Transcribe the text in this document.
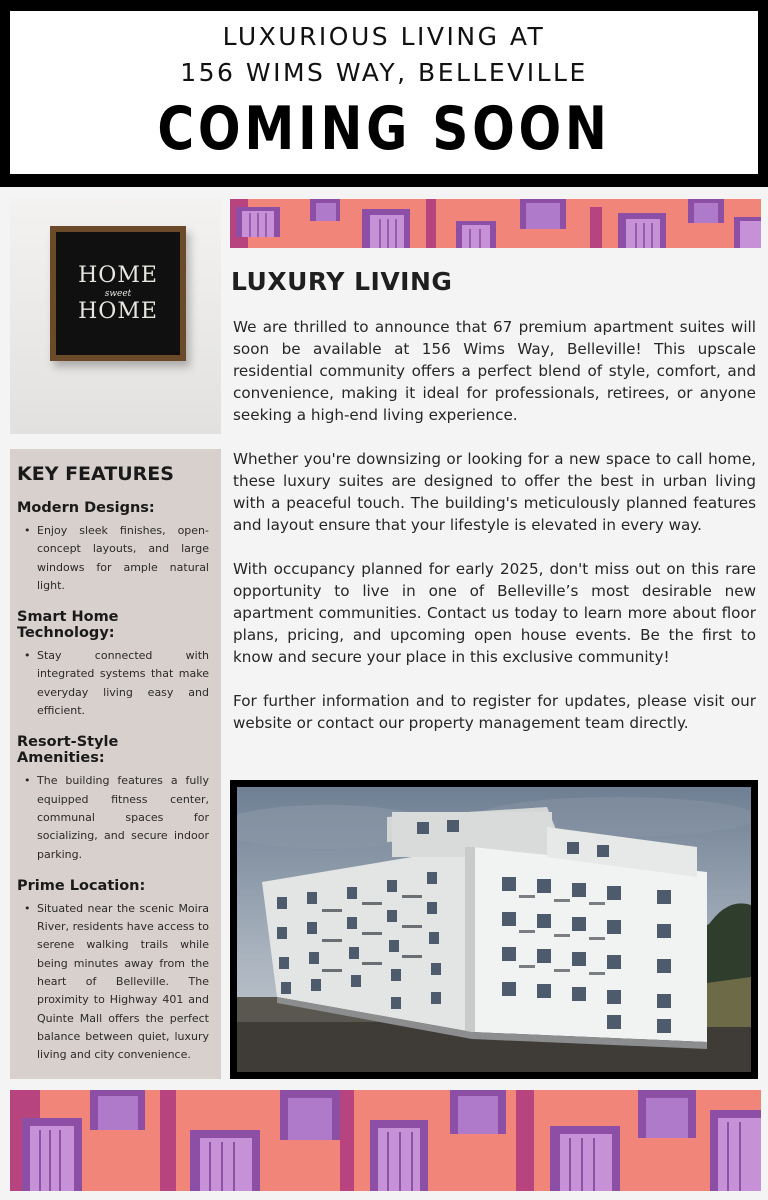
LUXURIOUS LIVING AT
156 WIMS WAY, BELLEVILLE
COMING SOON
HOME
sweet
HOME
KEY FEATURES
Modern Designs:
• Enjoy sleek finishes, open-concept layouts, and large windows for ample natural light.
Smart Home Technology:
• Stay connected with integrated systems that make everyday living easy and efficient.
Resort-Style Amenities:
• The building features a fully equipped fitness center, communal spaces for socializing, and secure indoor parking.
Prime Location:
• Situated near the scenic Moira River, residents have access to serene walking trails while being minutes away from the heart of Belleville. The proximity to Highway 401 and Quinte Mall offers the perfect balance between quiet, luxury living and city convenience.
LUXURY LIVING

We are thrilled to announce that 67 premium apartment suites will soon be available at 156 Wims Way, Belleville! This upscale residential community offers a perfect blend of style, comfort, and convenience, making it ideal for professionals, retirees, or anyone seeking a high-end living experience.

Whether you're downsizing or looking for a new space to call home, these luxury suites are designed to offer the best in urban living with a peaceful touch. The building's meticulously planned features and layout ensure that your lifestyle is elevated in every way.

With occupancy planned for early 2025, don't miss out on this rare opportunity to live in one of Belleville’s most desirable new apartment communities. Contact us today to learn more about floor plans, pricing, and upcoming open house events. Be the first to know and secure your place in this exclusive community!

For further information and to register for updates, please visit our website or contact our property management team directly.
